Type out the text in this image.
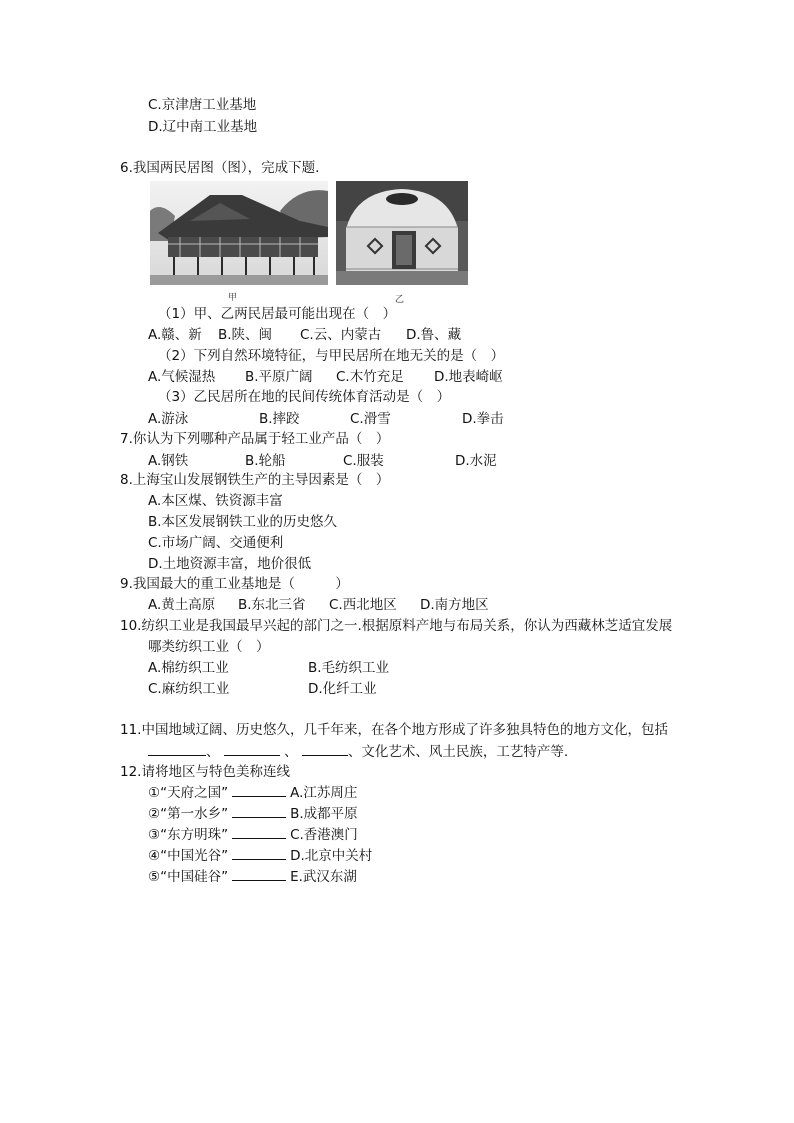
C.京津唐工业基地
D.辽中南工业基地
6.我国两民居图（图），完成下题.
甲	乙
（1）甲、乙两民居最可能出现在（　）
A.赣、新 B.陕、闽 C.云、内蒙古 D.鲁、藏
（2）下列自然环境特征，与甲民居所在地无关的是（　）
A.气候湿热 B.平原广阔 C.木竹充足 D.地表崎岖
（3）乙民居所在地的民间传统体育活动是（　）
A.游泳	B.摔跤	C.滑雪	D.拳击
7.你认为下列哪种产品属于轻工业产品（　）
A.钢铁	B.轮船	C.服装	D.水泥
8.上海宝山发展钢铁生产的主导因素是（　）
A.本区煤、铁资源丰富
B.本区发展钢铁工业的历史悠久
C.市场广阔、交通便利
D.土地资源丰富，地价很低
9.我国最大的重工业基地是（　　　）
A.黄土高原 B.东北三省 C.西北地区 D.南方地区
10.纺织工业是我国最早兴起的部门之一.根据原料产地与布局关系，你认为西藏林芝适宜发展
哪类纺织工业（　）
A.棉纺织工业	B.毛纺织工业
C.麻纺织工业	D.化纤工业
11.中国地域辽阔、历史悠久，几千年来，在各个地方形成了许多独具特色的地方文化，包括
、	、	、文化艺术、风土民族，工艺特产等.
12.请将地区与特色美称连线
①“天府之国”	A.江苏周庄
②“第一水乡”	B.成都平原
③“东方明珠”	C.香港澳门
④“中国光谷”	D.北京中关村
⑤“中国硅谷”	E.武汉东湖
